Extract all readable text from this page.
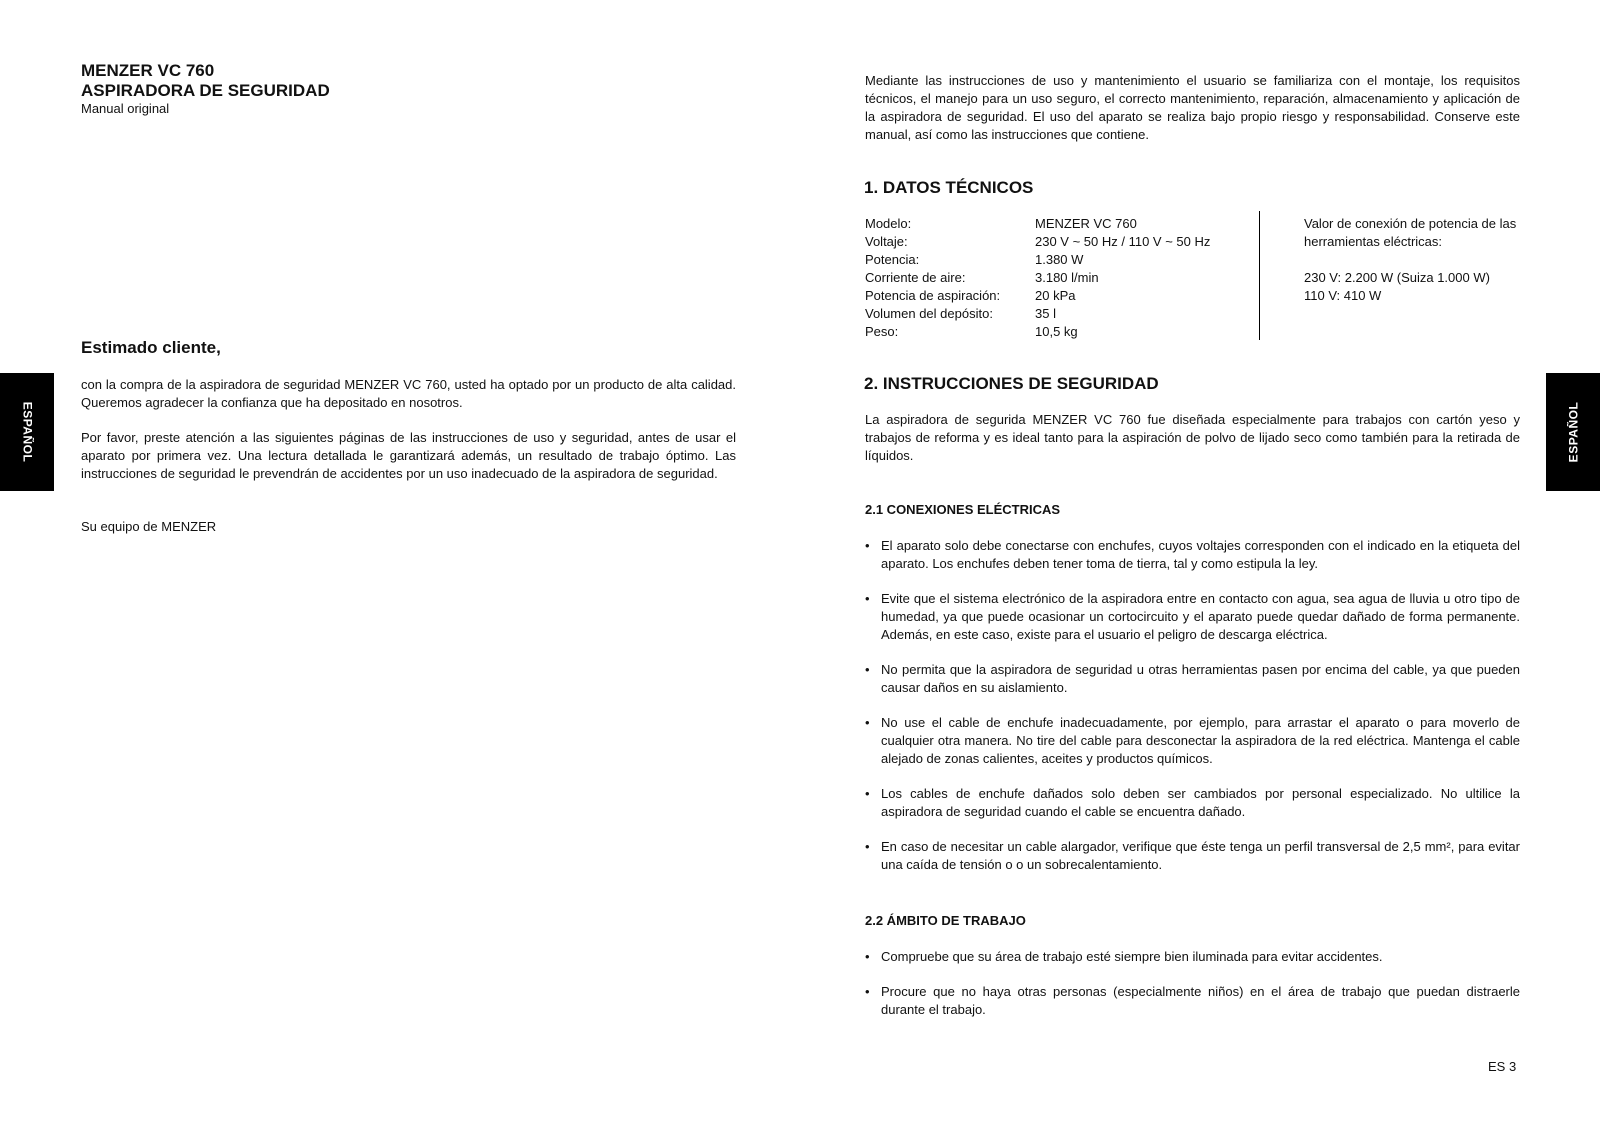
ESPAÑOL	ESPAÑOL
MENZER VC 760
ASPIRADORA DE SEGURIDAD
Manual original
Estimado cliente,

con la compra de la aspiradora de seguridad MENZER VC 760, usted ha optado por un producto de alta calidad. Queremos agradecer la confianza que ha depositado en nosotros.

Por favor, preste atención a las siguientes páginas de las instrucciones de uso y seguridad, antes de usar el aparato por primera vez. Una lectura detallada le garantizará además, un resultado de trabajo óptimo. Las instrucciones de seguridad le prevendrán de accidentes por un uso inadecuado de la aspiradora de seguridad.

Su equipo de MENZER

Mediante las instrucciones de uso y mantenimiento el usuario se familiariza con el montaje, los requisitos técnicos, el manejo para un uso seguro, el correcto mantenimiento, reparación, almacenamiento y aplicación de la aspiradora de seguridad. El uso del aparato se realiza bajo propio riesgo y responsabilidad. Conserve este manual, así como las instrucciones que contiene.

1. DATOS TÉCNICOS
Modelo:	MENZER VC 760
Voltaje:	230 V ~ 50 Hz / 110 V ~ 50 Hz
Potencia:	1.380 W
Corriente de aire:	3.180 l/min
Potencia de aspiración:	20 kPa
Volumen del depósito:	35 l
Peso:	10,5 kg
Valor de conexión de potencia de las herramientas eléctricas:
230 V: 2.200 W (Suiza 1.000 W)
110 V: 410 W
2. INSTRUCCIONES DE SEGURIDAD

La aspiradora de segurida MENZER VC 760 fue diseñada especialmente para trabajos con cartón yeso y trabajos de reforma y es ideal tanto para la aspiración de polvo de lijado seco como también para la retirada de líquidos.

2.1 CONEXIONES ELÉCTRICAS
• El aparato solo debe conectarse con enchufes, cuyos voltajes corresponden con el indicado en la etiqueta del aparato. Los enchufes deben tener toma de tierra, tal y como estipula la ley.
• Evite que el sistema electrónico de la aspiradora entre en contacto con agua, sea agua de lluvia u otro tipo de humedad, ya que puede ocasionar un cortocircuito y el aparato puede quedar dañado de forma permanente. Además, en este caso, existe para el usuario el peligro de descarga eléctrica.
• No permita que la aspiradora de seguridad u otras herramientas pasen por encima del cable, ya que pueden causar daños en su aislamiento.
• No use el cable de enchufe inadecuadamente, por ejemplo, para arrastar el aparato o para moverlo de cualquier otra manera. No tire del cable para desconectar la aspiradora de la red eléctrica. Mantenga el cable alejado de zonas calientes, aceites y productos químicos.
• Los cables de enchufe dañados solo deben ser cambiados por personal especializado. No ultilice la aspiradora de seguridad cuando el cable se encuentra dañado.
• En caso de necesitar un cable alargador, verifique que éste tenga un perfil transversal de 2,5 mm², para evitar una caída de tensión o o un sobrecalentamiento.
2.2 ÁMBITO DE TRABAJO
• Compruebe que su área de trabajo esté siempre bien iluminada para evitar accidentes.
• Procure que no haya otras personas (especialmente niños) en el área de trabajo que puedan distraerle durante el trabajo.
ES 3
